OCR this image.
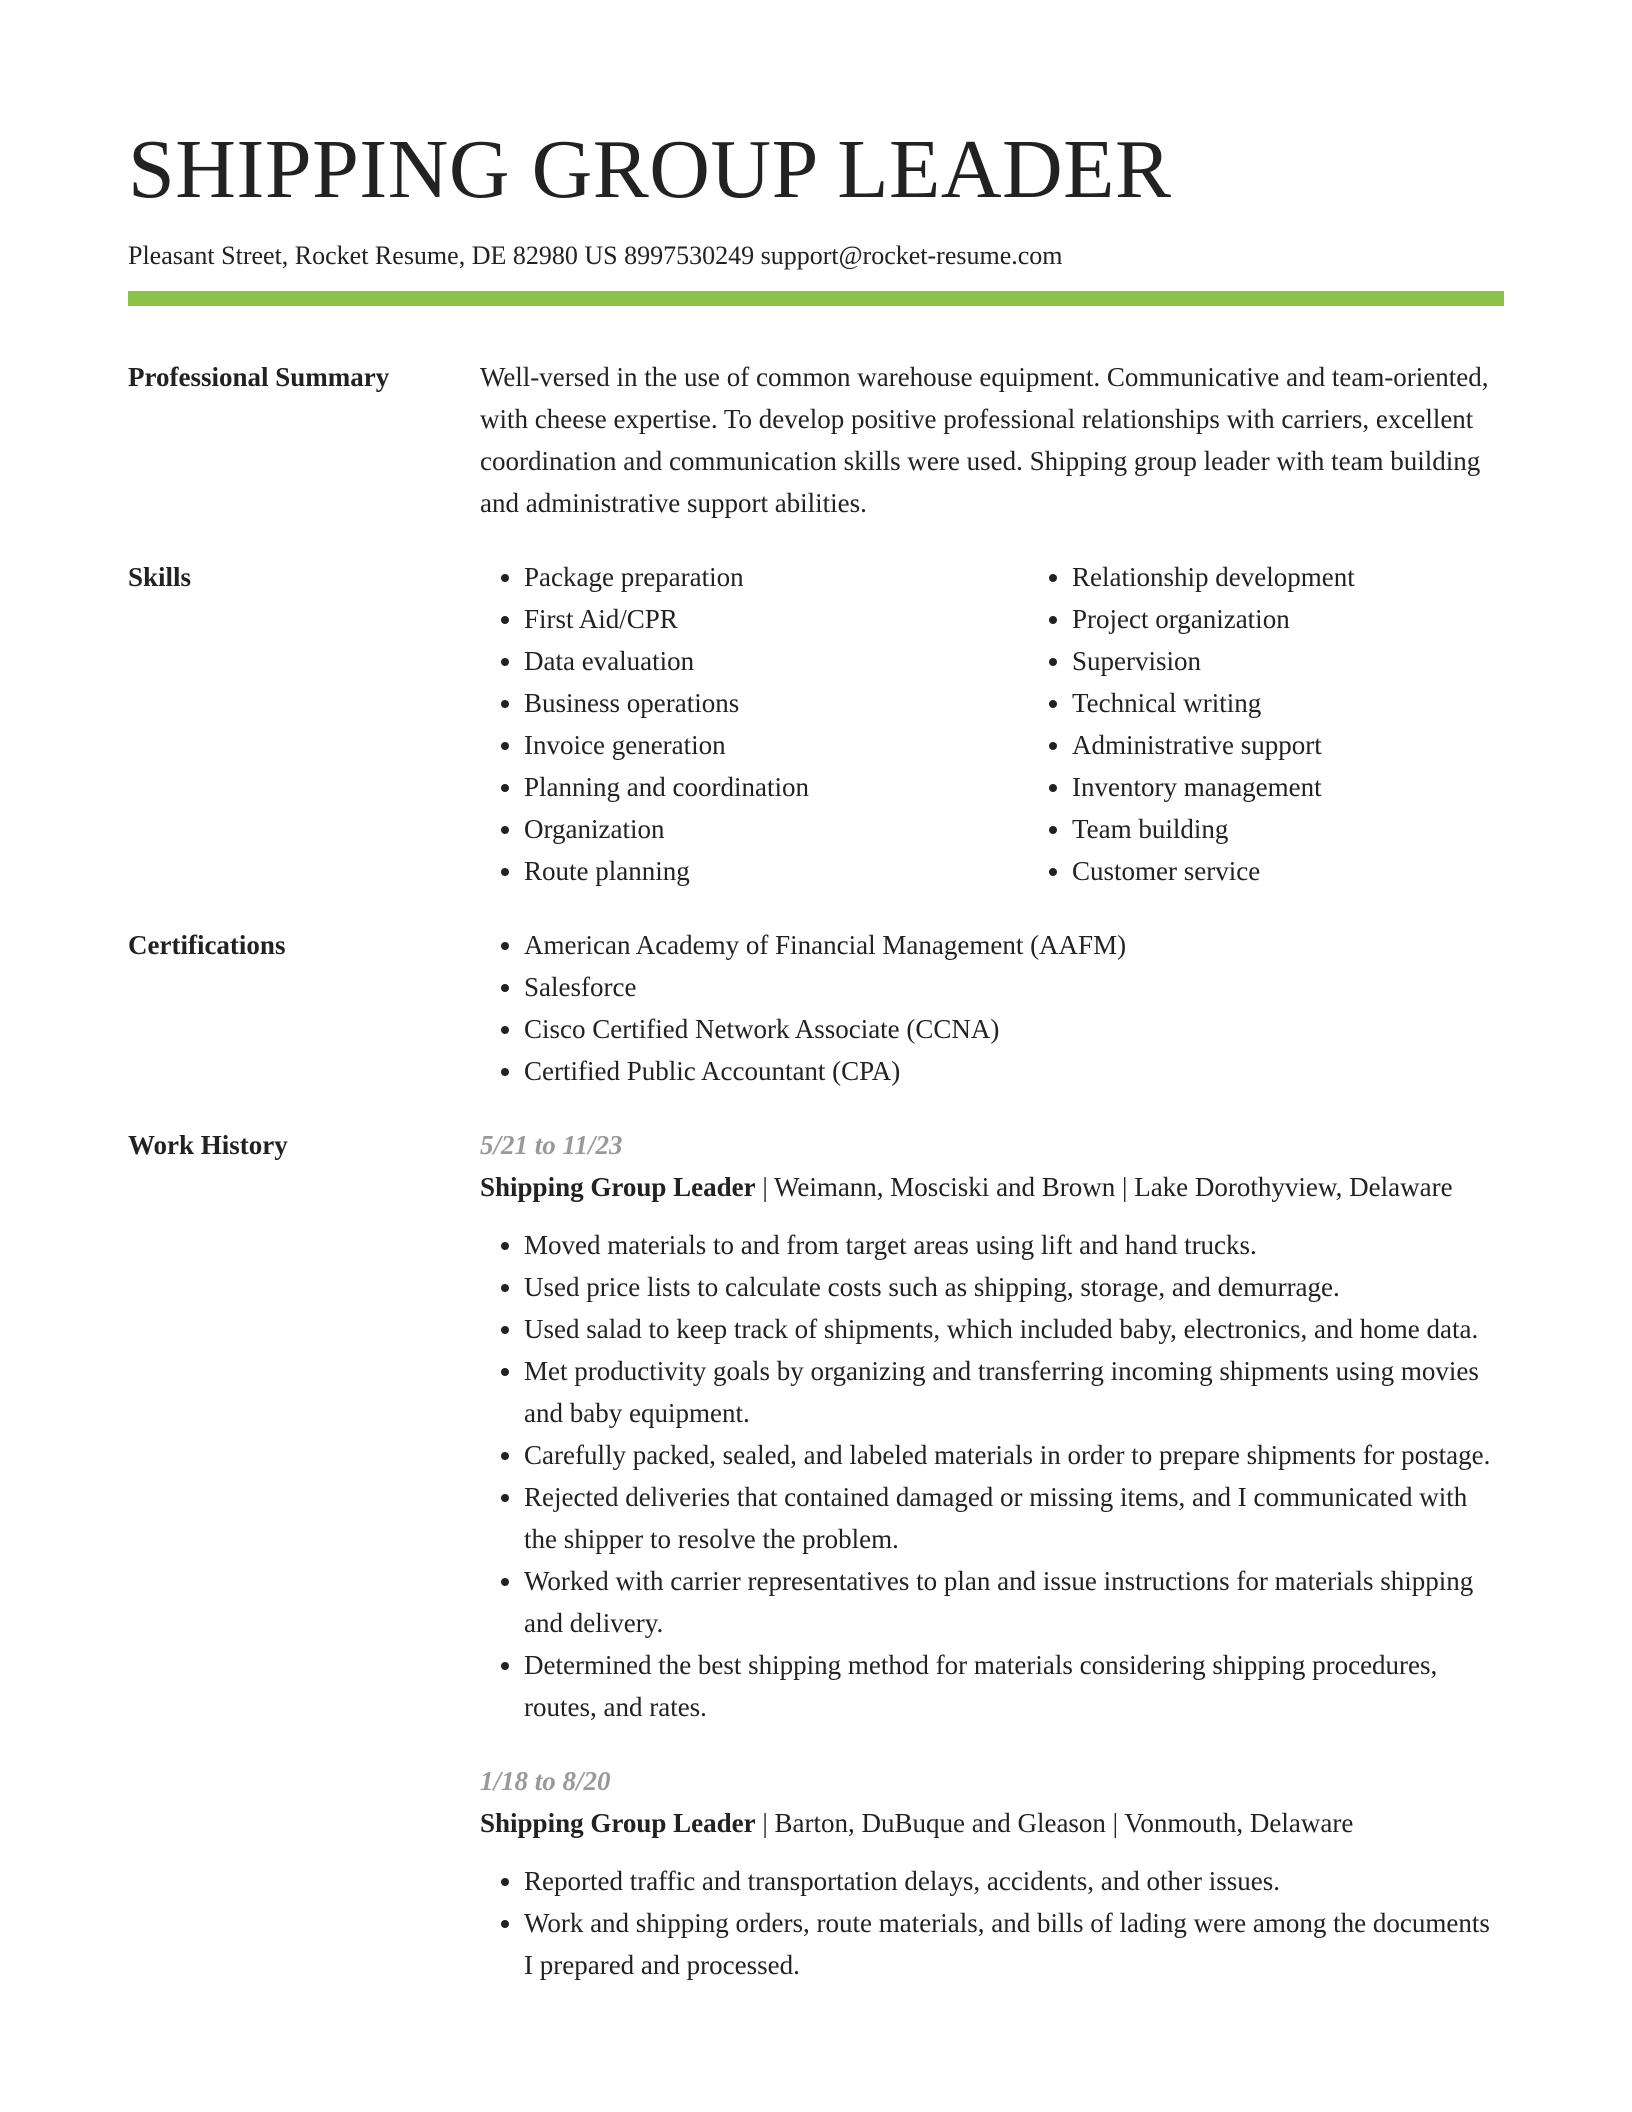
SHIPPING GROUP LEADER
Pleasant Street, Rocket Resume, DE 82980 US 8997530249 support@rocket-resume.com
Professional Summary	Well-versed in the use of common warehouse equipment. Communicative and team-oriented, with cheese expertise. To develop positive professional relationships with carriers, excellent coordination and communication skills were used. Shipping group leader with team building and administrative support abilities.
Skills	• Package preparation
• First Aid/CPR
• Data evaluation
• Business operations
• Invoice generation
• Planning and coordination
• Organization
• Route planning
• Relationship development
• Project organization
• Supervision
• Technical writing
• Administrative support
• Inventory management
• Team building
• Customer service
Certifications	• American Academy of Financial Management (AAFM)
• Salesforce
• Cisco Certified Network Associate (CCNA)
• Certified Public Accountant (CPA)
Work History	5/21 to 11/23
Shipping Group Leader | Weimann, Mosciski and Brown | Lake Dorothyview, Delaware
• Moved materials to and from target areas using lift and hand trucks.
• Used price lists to calculate costs such as shipping, storage, and demurrage.
• Used salad to keep track of shipments, which included baby, electronics, and home data.
• Met productivity goals by organizing and transferring incoming shipments using movies and baby equipment.
• Carefully packed, sealed, and labeled materials in order to prepare shipments for postage.
• Rejected deliveries that contained damaged or missing items, and I communicated with the shipper to resolve the problem.
• Worked with carrier representatives to plan and issue instructions for materials shipping and delivery.
• Determined the best shipping method for materials considering shipping procedures, routes, and rates.
1/18 to 8/20
Shipping Group Leader | Barton, DuBuque and Gleason | Vonmouth, Delaware
• Reported traffic and transportation delays, accidents, and other issues.
• Work and shipping orders, route materials, and bills of lading were among the documents I prepared and processed.
